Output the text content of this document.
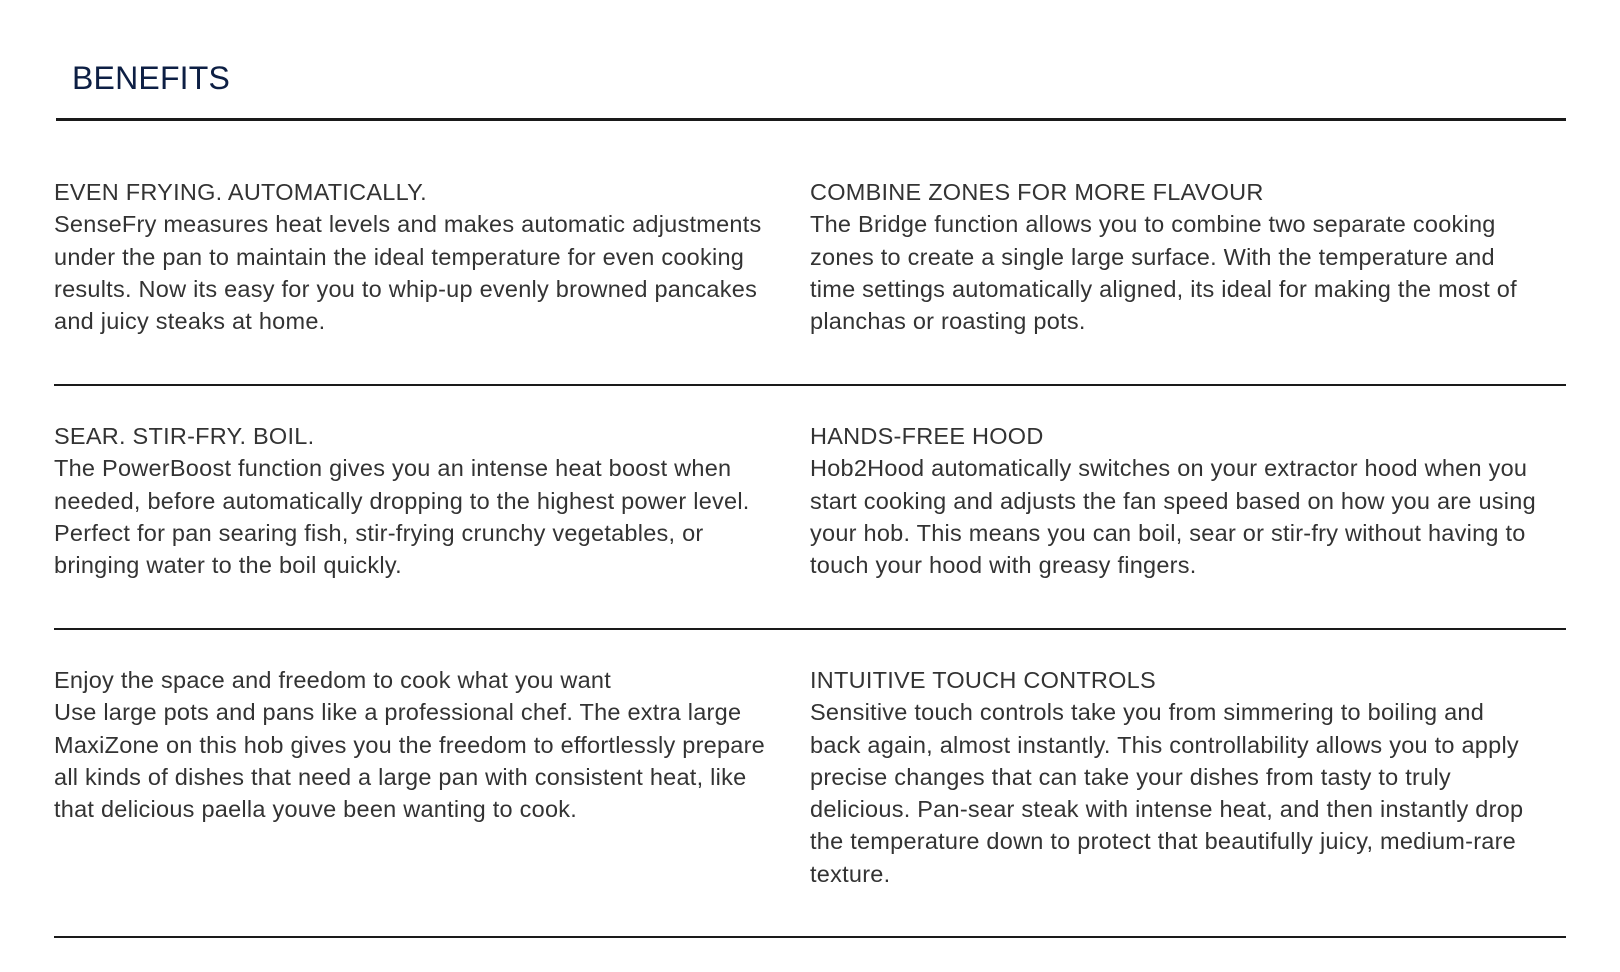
BENEFITS
EVEN FRYING. AUTOMATICALLY.
SenseFry measures heat levels and makes automatic adjustments under the pan to maintain the ideal temperature for even cooking results. Now its easy for you to whip-up evenly browned pancakes and juicy steaks at home.
COMBINE ZONES FOR MORE FLAVOUR
The Bridge function allows you to combine two separate cooking zones to create a single large surface. With the temperature and time settings automatically aligned, its ideal for making the most of planchas or roasting pots.
SEAR. STIR-FRY. BOIL.
The PowerBoost function gives you an intense heat boost when needed, before automatically dropping to the highest power level. Perfect for pan searing fish, stir-frying crunchy vegetables, or bringing water to the boil quickly.
HANDS-FREE HOOD
Hob2Hood automatically switches on your extractor hood when you start cooking and adjusts the fan speed based on how you are using your hob. This means you can boil, sear or stir-fry without having to touch your hood with greasy fingers.
Enjoy the space and freedom to cook what you want
Use large pots and pans like a professional chef. The extra large MaxiZone on this hob gives you the freedom to effortlessly prepare all kinds of dishes that need a large pan with consistent heat, like that delicious paella youve been wanting to cook.
INTUITIVE TOUCH CONTROLS
Sensitive touch controls take you from simmering to boiling and back again, almost instantly. This controllability allows you to apply precise changes that can take your dishes from tasty to truly delicious. Pan-sear steak with intense heat, and then instantly drop the temperature down to protect that beautifully juicy, medium-rare texture.
